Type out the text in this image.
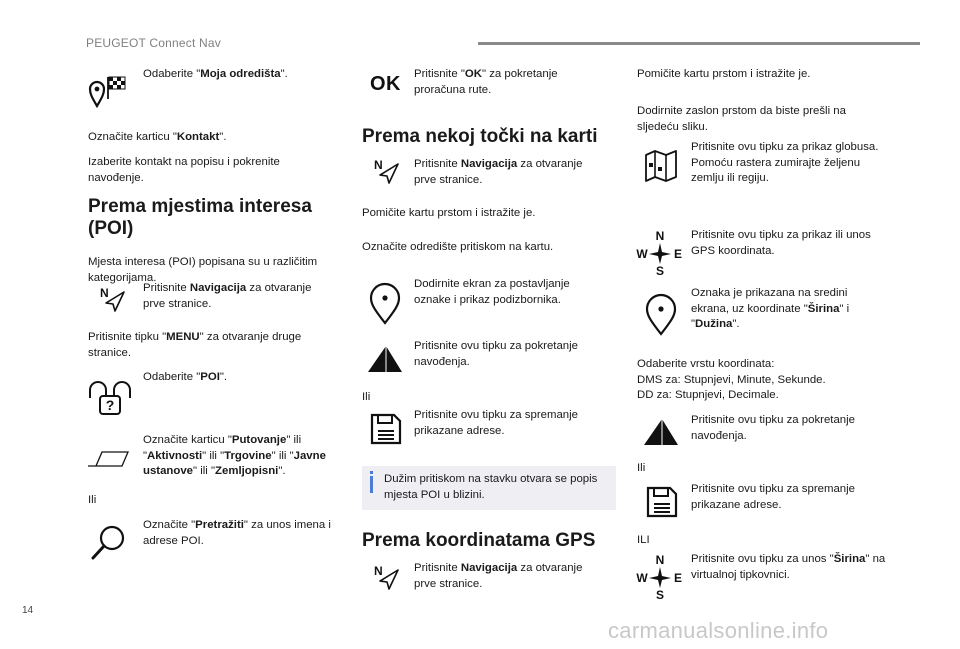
PEUGEOT Connect Nav
Odaberite "Moja odredišta".
Označite karticu "Kontakt".
Izaberite kontakt na popisu i pokrenite navođenje.
Prema mjestima interesa (POI)
Mjesta interesa (POI) popisana su u različitim kategorijama.
N	Pritisnite Navigacija za otvaranje prve stranice.
Pritisnite tipku "MENU" za otvaranje druge stranice.
?
Odaberite "POI".
Označite karticu "Putovanje" ili "Aktivnosti" ili "Trgovine" ili "Javne ustanove" ili "Zemljopisni".
Ili
Označite "Pretražiti" za unos imena i adrese POI.
OK Pritisnite "OK" za pokretanje proračuna rute.
Prema nekoj točki na karti
N	Pritisnite Navigacija za otvaranje prve stranice.
Pomičite kartu prstom i istražite je.
Označite odredište pritiskom na kartu.
Dodirnite ekran za postavljanje oznake i prikaz podizbornika.
Pritisnite ovu tipku za pokretanje navođenja.
Ili
Pritisnite ovu tipku za spremanje prikazane adrese.
Dužim pritiskom na stavku otvara se popis mjesta POI u blizini.
Prema koordinatama GPS
N	Pritisnite Navigacija za otvaranje prve stranice.
Pomičite kartu prstom i istražite je.
Dodirnite zaslon prstom da biste prešli na sljedeću sliku.
Pritisnite ovu tipku za prikaz globusa.
Pomoću rastera zumirajte željenu zemlju ili regiju.
N
S
W E
Pritisnite ovu tipku za prikaz ili unos GPS koordinata.
Oznaka je prikazana na sredini ekrana, uz koordinate "Širina" i "Dužina".
Odaberite vrstu koordinata:
DMS za: Stupnjevi, Minute, Sekunde.
DD za: Stupnjevi, Decimale.
Pritisnite ovu tipku za pokretanje navođenja.
Ili
Pritisnite ovu tipku za spremanje prikazane adrese.
ILI
N
S
W E
Pritisnite ovu tipku za unos "Širina" na virtualnoj tipkovnici.
14
carmanualsonline.info
